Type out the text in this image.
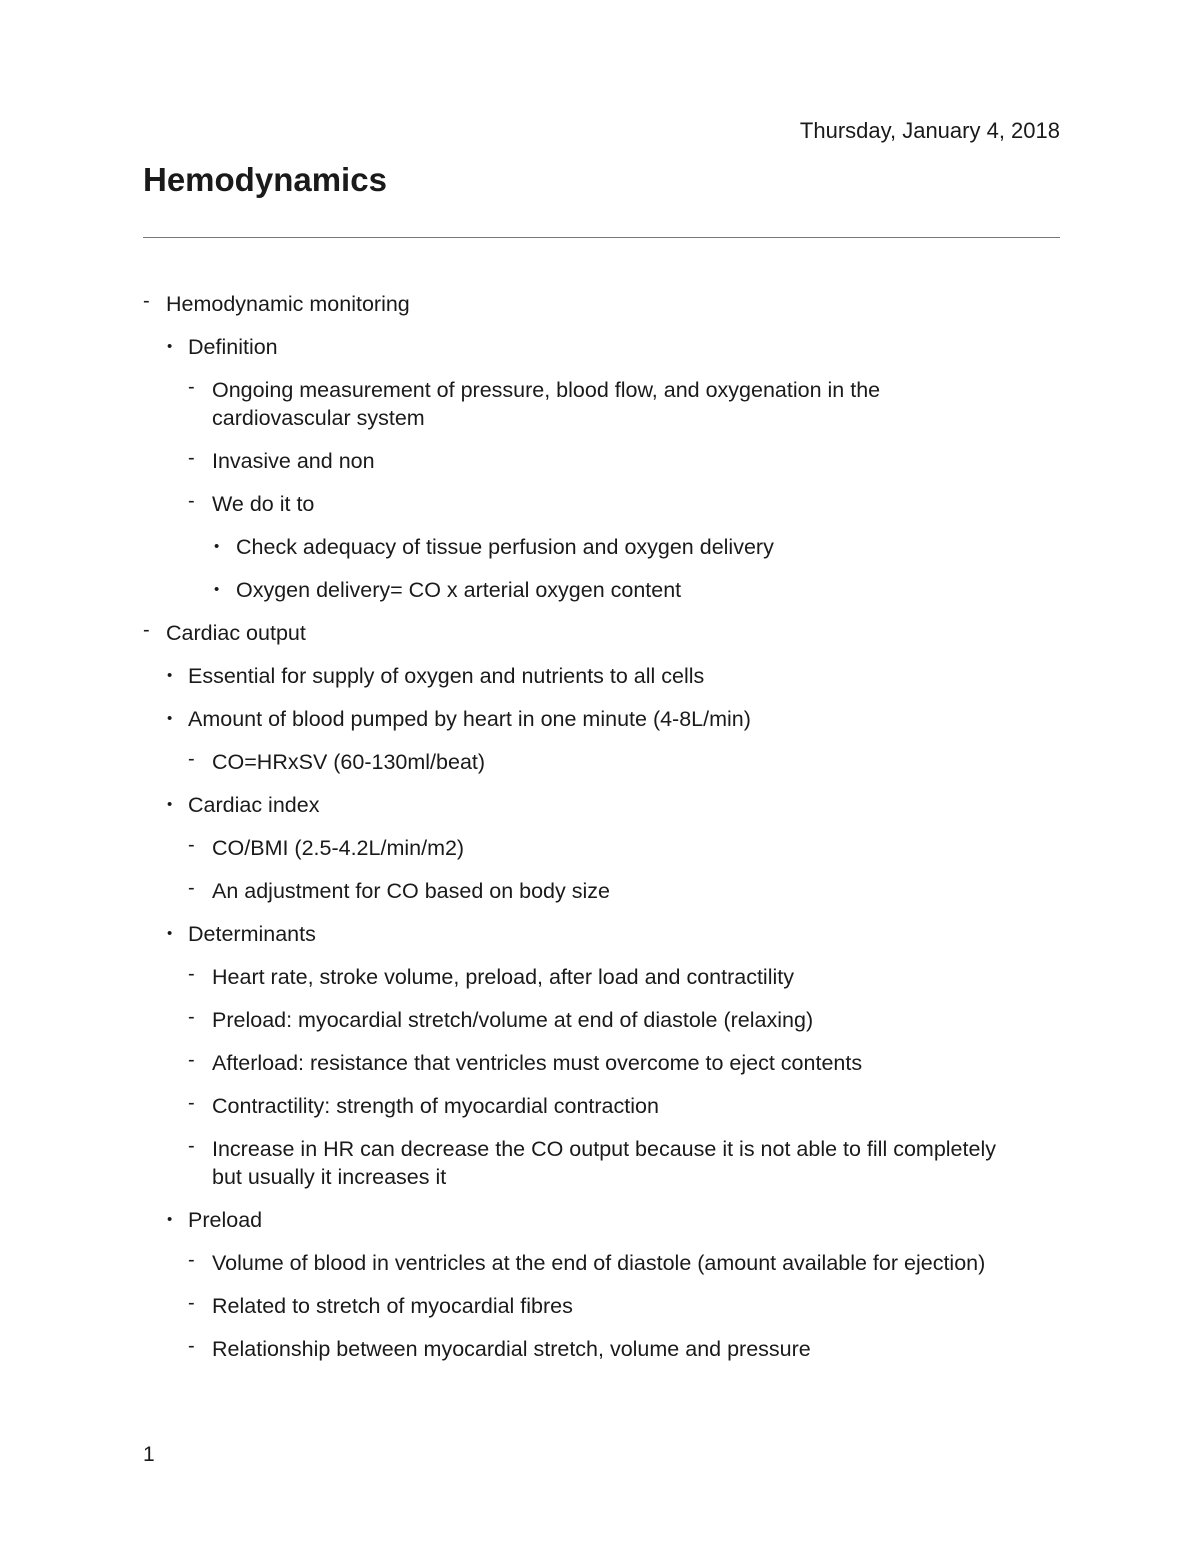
Thursday, January 4, 2018
Hemodynamics
- Hemodynamic monitoring
• Definition
- Ongoing measurement of pressure, blood flow, and oxygenation in the cardiovascular system
- Invasive and non
- We do it to
• Check adequacy of tissue perfusion and oxygen delivery
• Oxygen delivery= CO x arterial oxygen content
- Cardiac output
• Essential for supply of oxygen and nutrients to all cells
• Amount of blood pumped by heart in one minute (4-8L/min)
- CO=HRxSV (60-130ml/beat)
• Cardiac index
- CO/BMI (2.5-4.2L/min/m2)
- An adjustment for CO based on body size
• Determinants
- Heart rate, stroke volume, preload, after load and contractility
- Preload: myocardial stretch/volume at end of diastole (relaxing)
- Afterload: resistance that ventricles must overcome to eject contents
- Contractility: strength of myocardial contraction
- Increase in HR can decrease the CO output because it is not able to fill completely but usually it increases it
• Preload
- Volume of blood in ventricles at the end of diastole (amount available for ejection)
- Related to stretch of myocardial fibres
- Relationship between myocardial stretch, volume and pressure
1
